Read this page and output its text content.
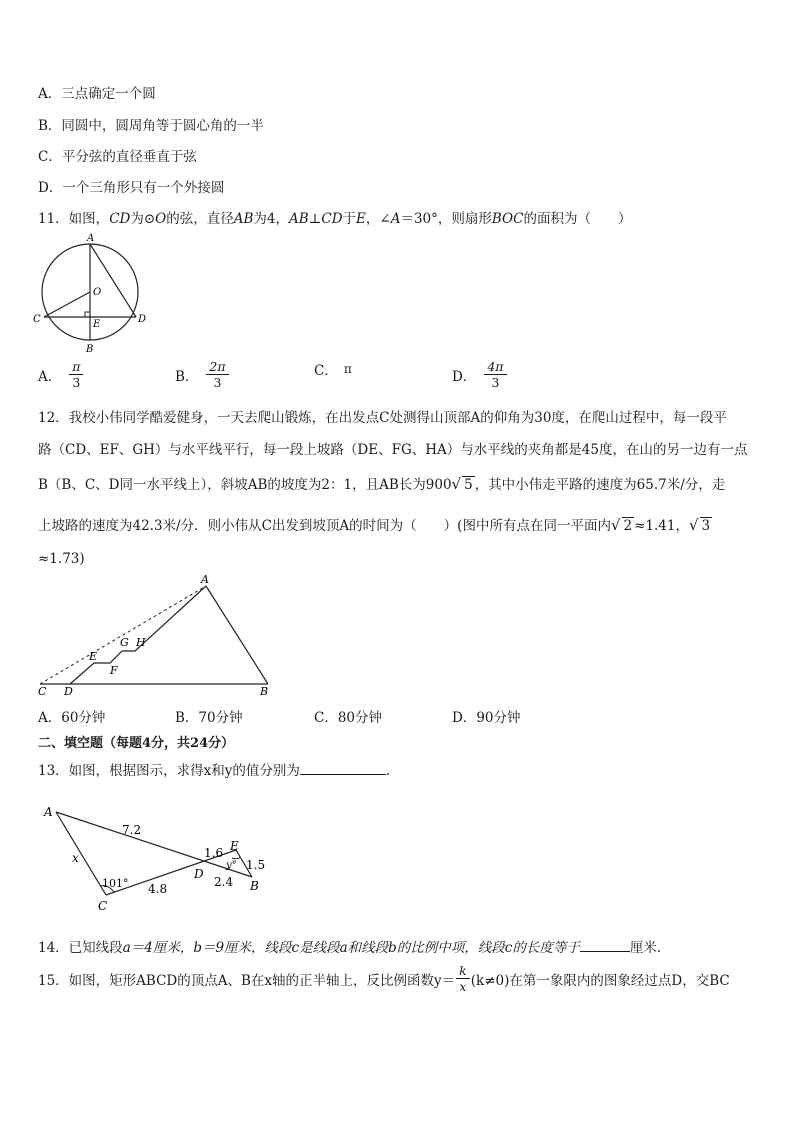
A．三点确定一个圆
B．同圆中，圆周角等于圆心角的一半
C．平分弦的直径垂直于弦
D．一个三角形只有一个外接圆
11．如图，CD为⊙O的弦，直径AB为4，AB⊥CD于E，∠A＝30°，则扇形BOC的面积为（　　）
A
O
C	E	D
B
A． $\frac{\pi}{3}$	B． $\frac{2\pi}{3}$	C． π	D． $\frac{4\pi}{3}$
12．我校小伟同学酷爱健身，一天去爬山锻炼，在出发点C处测得山顶部A的仰角为30度，在爬山过程中，每一段平
路（CD、EF、GH）与水平线平行，每一段上坡路（DE、FG、HA）与水平线的夹角都是45度，在山的另一边有一点
B（B、C、D同一水平线上），斜坡AB的坡度为2：1，且AB长为900√ 5 ，其中小伟走平路的速度为65.7米/分，走
上坡路的速度为42.3米/分．则小伟从C出发到坡顶A的时间为（　　）(图中所有点在同一平面内√ 2 ≈1.41，√ 3
≈1.73)
A
G H
E
F
C D	B
A．60分钟	B．70分钟	C．80分钟	D．90分钟
二、填空题（每题4分，共24分）
13．如图，根据图示，求得x和y的值分别为	.
A
7.2
1.6 E
y° 1.5
x
D
101° 4.8	2.4
C
B
14．已知线段a＝4厘米，b＝9厘米，线段c是线段a和线段b的比例中项，线段c的长度等于	厘米．
15．如图，矩形ABCD的顶点A、B在x轴的正半轴上，反比例函数$y= \frac{k}{x} (k\ne 0)$在第一象限内的图象经过点D，交BC
